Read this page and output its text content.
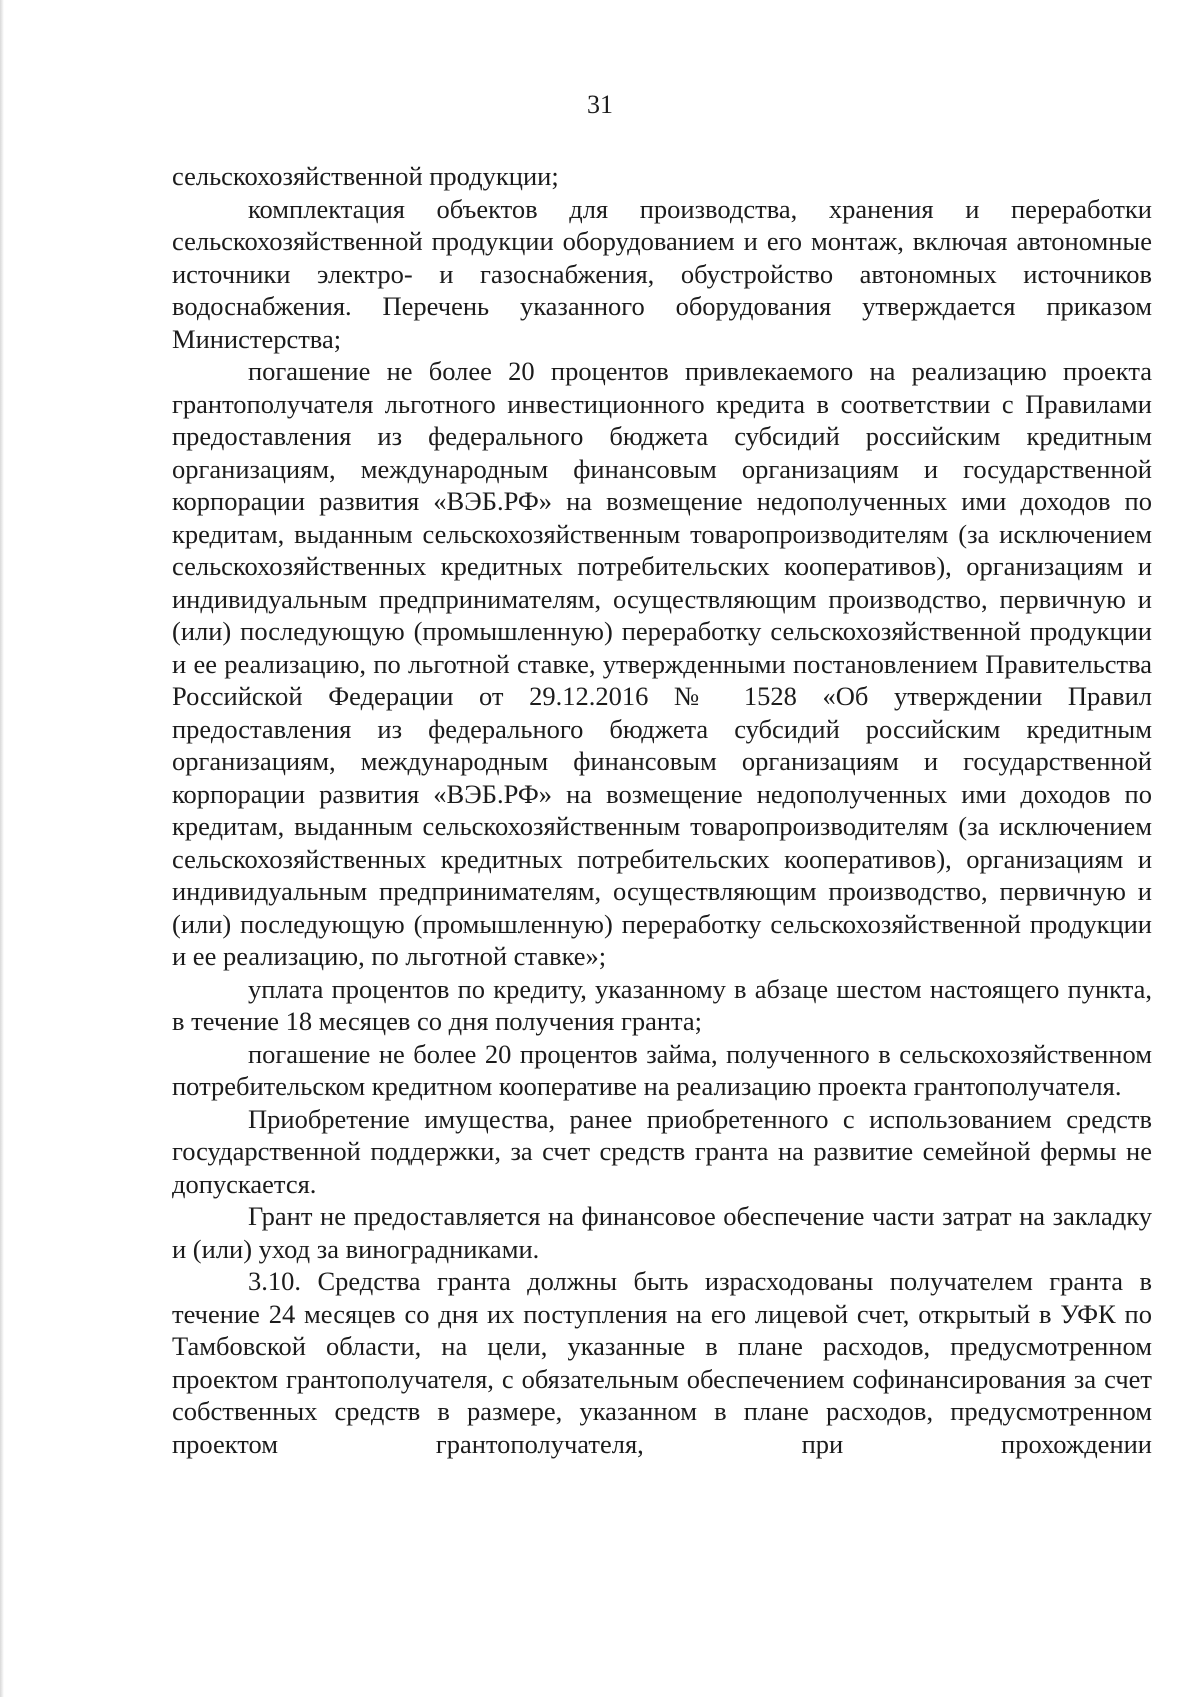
31

сельскохозяйственной продукции;

комплектация объектов для производства, хранения и переработки сельскохозяйственной продукции оборудованием и его монтаж, включая автономные источники электро- и газоснабжения, обустройство автономных источников водоснабжения. Перечень указанного оборудования утверждается приказом Министерства;

погашение не более 20 процентов привлекаемого на реализацию проекта грантополучателя льготного инвестиционного кредита в соответствии с Правилами предоставления из федерального бюджета субсидий российским кредитным организациям, международным финансовым организациям и государственной корпорации развития «ВЭБ.РФ» на возмещение недополученных ими доходов по кредитам, выданным сельскохозяйственным товаропроизводителям (за исключением сельскохозяйственных кредитных потребительских кооперативов), организациям и индивидуальным предпринимателям, осуществляющим производство, первичную и (или) последующую (промышленную) переработку сельскохозяйственной продукции и ее реализацию, по льготной ставке, утвержденными постановлением Правительства Российской Федерации от 29.12.2016 № 1528 «Об утверждении Правил предоставления из федерального бюджета субсидий российским кредитным организациям, международным финансовым организациям и государственной корпорации развития «ВЭБ.РФ» на возмещение недополученных ими доходов по кредитам, выданным сельскохозяйственным товаропроизводителям (за исключением сельскохозяйственных кредитных потребительских кооперативов), организациям и индивидуальным предпринимателям, осуществляющим производство, первичную и (или) последующую (промышленную) переработку сельскохозяйственной продукции и ее реализацию, по льготной ставке»;

уплата процентов по кредиту, указанному в абзаце шестом настоящего пункта, в течение 18 месяцев со дня получения гранта;

погашение не более 20 процентов займа, полученного в сельскохозяйственном потребительском кредитном кооперативе на реализацию проекта грантополучателя.

Приобретение имущества, ранее приобретенного с использованием средств государственной поддержки, за счет средств гранта на развитие семейной фермы не допускается.

Грант не предоставляется на финансовое обеспечение части затрат на закладку и (или) уход за виноградниками.

3.10. Средства гранта должны быть израсходованы получателем гранта в течение 24 месяцев со дня их поступления на его лицевой счет, открытый в УФК по Тамбовской области, на цели, указанные в плане расходов, предусмотренном проектом грантополучателя, с обязательным обеспечением софинансирования за счет собственных средств в размере, указанном в плане расходов, предусмотренном проектом грантополучателя, при прохождении
